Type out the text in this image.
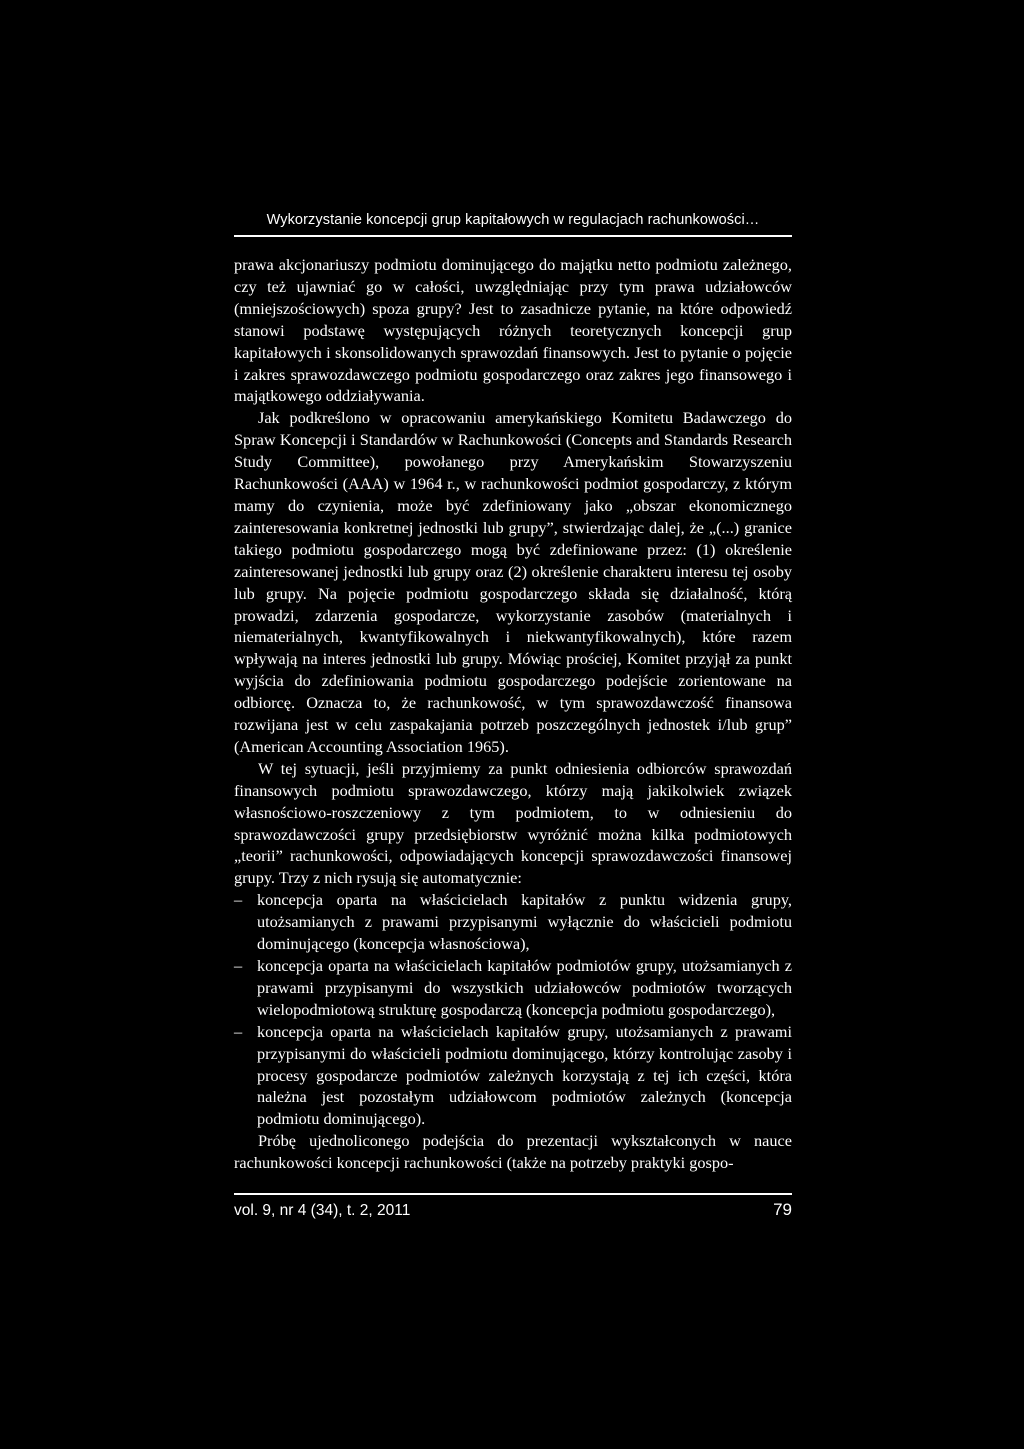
Wykorzystanie koncepcji grup kapitałowych w regulacjach rachunkowości…

prawa akcjonariuszy podmiotu dominującego do majątku netto podmiotu zależnego, czy też ujawniać go w całości, uwzględniając przy tym prawa udziałowców (mniejszościowych) spoza grupy? Jest to zasadnicze pytanie, na które odpowiedź stanowi podstawę występujących różnych teoretycznych koncepcji grup kapitałowych i skonsolidowanych sprawozdań finansowych. Jest to pytanie o pojęcie i zakres sprawozdawczego podmiotu gospodarczego oraz zakres jego finansowego i majątkowego oddziaływania.

Jak podkreślono w opracowaniu amerykańskiego Komitetu Badawczego do Spraw Koncepcji i Standardów w Rachunkowości (Concepts and Standards Research Study Committee), powołanego przy Amerykańskim Stowarzyszeniu Rachunkowości (AAA) w 1964 r., w rachunkowości podmiot gospodarczy, z którym mamy do czynienia, może być zdefiniowany jako „obszar ekonomicznego zainteresowania konkretnej jednostki lub grupy”, stwierdzając dalej, że „(...) granice takiego podmiotu gospodarczego mogą być zdefiniowane przez: (1) określenie zainteresowanej jednostki lub grupy oraz (2) określenie charakteru interesu tej osoby lub grupy. Na pojęcie podmiotu gospodarczego składa się działalność, którą prowadzi, zdarzenia gospodarcze, wykorzystanie zasobów (materialnych i niematerialnych, kwantyfikowalnych i niekwantyfikowalnych), które razem wpływają na interes jednostki lub grupy. Mówiąc prościej, Komitet przyjął za punkt wyjścia do zdefiniowania podmiotu gospodarczego podejście zorientowane na odbiorcę. Oznacza to, że rachunkowość, w tym sprawozdawczość finansowa rozwijana jest w celu zaspakajania potrzeb poszczególnych jednostek i/lub grup” (American Accounting Association 1965).

W tej sytuacji, jeśli przyjmiemy za punkt odniesienia odbiorców sprawozdań finansowych podmiotu sprawozdawczego, którzy mają jakikolwiek związek własnościowo-roszczeniowy z tym podmiotem, to w odniesieniu do sprawozdawczości grupy przedsiębiorstw wyróżnić można kilka podmiotowych „teorii” rachunkowości, odpowiadających koncepcji sprawozdawczości finansowej grupy. Trzy z nich rysują się automatycznie:

– koncepcja oparta na właścicielach kapitałów z punktu widzenia grupy, utożsamianych z prawami przypisanymi wyłącznie do właścicieli podmiotu dominującego (koncepcja własnościowa),
– koncepcja oparta na właścicielach kapitałów podmiotów grupy, utożsamianych z prawami przypisanymi do wszystkich udziałowców podmiotów tworzących wielopodmiotową strukturę gospodarczą (koncepcja podmiotu gospodarczego),
– koncepcja oparta na właścicielach kapitałów grupy, utożsamianych z prawami przypisanymi do właścicieli podmiotu dominującego, którzy kontrolując zasoby i procesy gospodarcze podmiotów zależnych korzystają z tej ich części, która należna jest pozostałym udziałowcom podmiotów zależnych (koncepcja podmiotu dominującego).

Próbę ujednoliconego podejścia do prezentacji wykształconych w nauce rachunkowości koncepcji rachunkowości (także na potrzeby praktyki gospo-

vol. 9, nr 4 (34), t. 2, 2011	79
